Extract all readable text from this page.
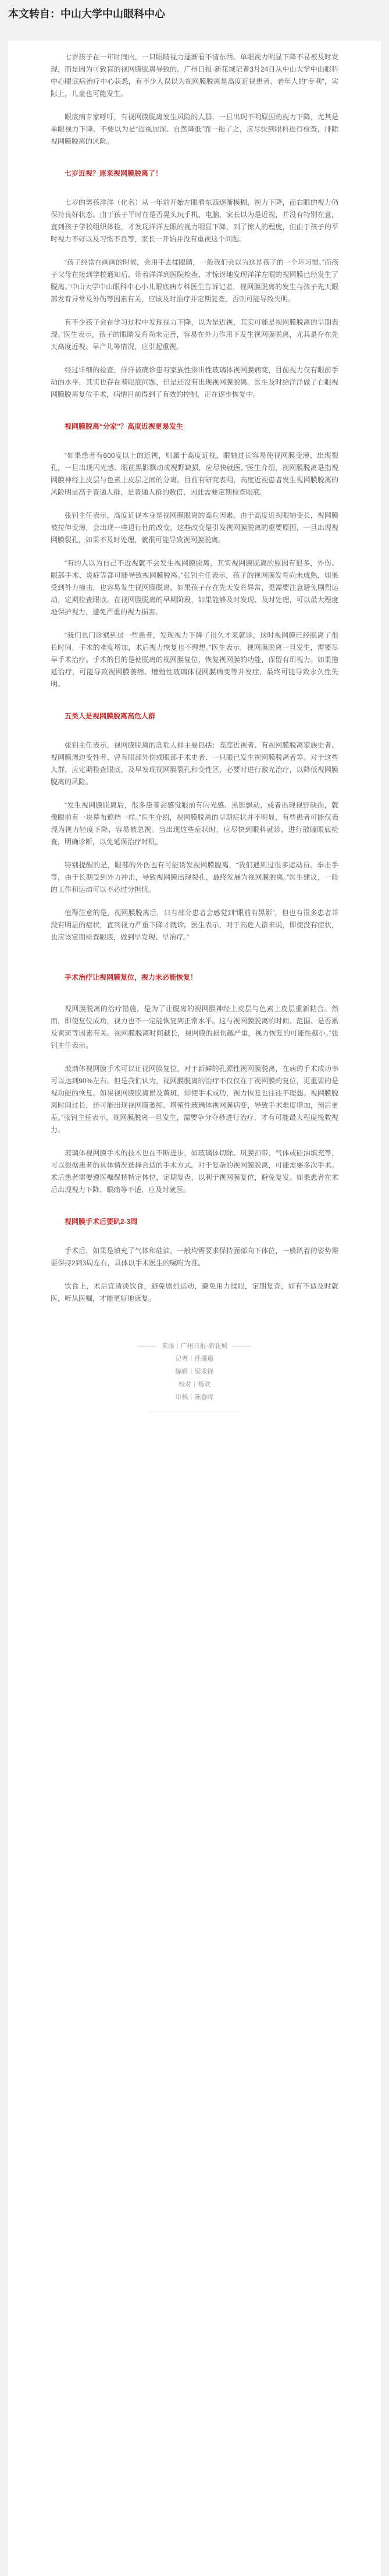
本文转自：中山大学中山眼科中心

七岁孩子在一年时间内，一只眼睛视力逐渐看不清东西。单眼视力明显下降不易被及时发现，而是因为可致盲的视网膜脱离导致的。广州日报·新花城记者3月24日从中山大学中山眼科中心眼底病治疗中心获悉，有不少人误以为视网膜脱离是高度近视患者、老年人的“专利”，实际上，儿童也可能发生。

眼底病专家呼吁，有视网膜脱离发生风险的人群，一旦出现不明原因的视力下降，尤其是单眼视力下降，不要以为是“近视加深、自然降低”而一拖了之，应尽快到眼科进行检查，排除视网膜脱离的风险。

七岁近视？原来视网膜脱离了！

七岁的男孩洋洋（化名）从一年前开始左眼看东西逐渐模糊，视力下降，而右眼的视力仍保持良好状态。由于孩子平时在是否晃头玩手机、电脑，家长以为是近视，并没有特别在意，直到孩子学校组织体检，才发现洋洋左眼的视力明显下降，到了惊人的程度，但由于孩子的平时视力不好以及习惯不良等，家长一开始并没有重视这个问题。

“孩子经常在画画的时候，会用手去揉眼睛，一般我们会以为这是孩子的一个坏习惯。”而孩子父母在接到学校通知后，带着洋洋到医院检查，才惊讶地发现洋洋左眼的视网膜已经发生了脱离。”中山大学中山眼科中心小儿眼底病专科医生告诉记者，视网膜脱离的发生与孩子先天眼部发育异常及外伤等因素有关，应该及时治疗并定期复查，否则可能导致失明。

有不少孩子会在学习过程中发现视力下降，以为是近视，其实可能是视网膜脱离的早期表现。”医生表示，孩子的眼睛发育尚未完善，容易在外力作用下发生视网膜脱离，尤其是存在先天高度近视、早产儿等情况，应引起重视。

经过详细的检查，洋洋被确诊患有家族性渗出性玻璃体视网膜病变，目前视力仅有眼前手动的水平，其实也存在着眼底问题，但是还没有出现视网膜脱离。医生及时给洋洋做了右眼视网膜脱离复位手术，病情目前得到了有效的控制，正在逐步恢复中。

视网膜脱离“分家”？高度近视更易发生

“如果患者有600度以上的近视，则属于高度近视，眼轴过长容易使视网膜变薄、出现裂孔，一旦出现闪光感、眼前黑影飘动或视野缺损，应尽快就医。”医生介绍，视网膜脱离是指视网膜神经上皮层与色素上皮层之间的分离。目前有研究表明，高度近视患者发生视网膜脱离的风险明显高于普通人群，是普通人群的数倍，因此需要定期检查眼底。

张钊主任表示，高度近视本身是视网膜脱离的高危因素。由于高度近视眼轴变长，视网膜被拉伸变薄，会出现一些退行性的改变，这些改变是引发视网膜脱离的重要原因，一旦出现视网膜裂孔，如果不及时处理，就很可能导致视网膜脱离。

“有的人以为自己不近视就不会发生视网膜脱离，其实视网膜脱离的原因有很多，外伤、眼部手术、炎症等都可能导致视网膜脱离。”张钊主任表示，孩子的视网膜发育尚未成熟，如果受到外力撞击，也容易发生视网膜脱离，如果孩子存在先天发育异常，更需要注意避免剧烈运动，定期检查眼底。在视网膜脱离的早期阶段，如果能够及时发现、及时处理，可以最大程度地保护视力，避免严重的视力损害。

“我们也门诊遇到过一些患者，发现视力下降了很久才来就诊，这时视网膜已经脱离了很长时间，手术的难度增加，术后视力恢复也不理想。”医生表示，视网膜脱离一旦发生，需要尽早手术治疗。手术的目的是使脱离的视网膜复位，恢复视网膜的功能，保留有用视力。如果拖延治疗，可能导致视网膜萎缩、增殖性玻璃体视网膜病变等并发症，最终可能导致永久性失明。

五类人是视网膜脱离高危人群

张钊主任表示，视网膜脱离的高危人群主要包括：高度近视者、有视网膜脱离家族史者、视网膜周边变性者、曾有眼部外伤或眼部手术史者、一只眼已发生视网膜脱离者等。对于这些人群，应定期检查眼底，及早发现视网膜裂孔和变性区，必要时进行激光治疗，以降低视网膜脱离的风险。

“发生视网膜脱离后，很多患者会感觉眼前有闪光感、黑影飘动，或者出现视野缺损，就像眼前有一块幕布遮挡一样。”医生介绍，视网膜脱离的早期症状并不明显，有些患者可能仅表现为视力轻度下降，容易被忽视。当出现这些症状时，应尽快到眼科就诊，进行散瞳眼底检查，明确诊断，以免延误治疗时机。

特别提醒的是，眼部的外伤也有可能诱发视网膜脱离，“我们遇到过很多运动员、拳击手等，由于长期受到外力冲击，导致视网膜出现裂孔，最终发展为视网膜脱离。”医生建议，一般的工作和运动可以不必过分担忧。

值得注意的是，视网膜脱离后，只有部分患者会感觉到“眼前有黑影”，但也有很多患者并没有明显的症状，直到视力严重下降才就诊。医生表示，对于高危人群来说，即使没有症状，也应该定期检查眼底，做到早发现、早治疗。”

手术治疗让视网膜复位，视力未必能恢复！

视网膜脱离的治疗措施，是为了让脱离的视网膜神经上皮层与色素上皮层重新粘合。然而，即便复位成功，视力也不一定能恢复到正常水平。这与视网膜脱离的时间、范围、是否累及黄斑等因素有关。视网膜脱离时间越长，视网膜的损伤越严重，视力恢复的可能性越小。”张钊主任表示。

玻璃体视网膜手术可以让视网膜复位，对于新鲜的孔源性视网膜脱离，在病的手术成功率可以达到90%左右。但是我们认为，视网膜脱离的治疗不仅仅在于视网膜的复位，更重要的是视功能的恢复。如果视网膜脱离累及黄斑，即使手术成功，视力恢复也往往不理想。视网膜脱离时间过长，还可能出现视网膜萎缩、增殖性玻璃体视网膜病变，导致手术难度增加，预后更差。”张钊主任表示，视网膜脱离一旦发生，需要争分夺秒进行治疗，才有可能最大程度挽救视力。

玻璃体视网膜手术的技术也在不断进步，如玻璃体切除、巩膜扣带、气体或硅油填充等，可以根据患者的具体情况选择合适的手术方式。对于复杂的视网膜脱离，可能需要多次手术。术后患者需要遵医嘱保持特定体位，定期复查，以利于视网膜复位，避免复发。如果患者在术后出现视力下降、眼痛等不适，应及时就医。

视网膜手术后要趴2-3周

手术后，如果是填充了气体和硅油，一般均需要求保持面部向下体位，一般趴着的姿势需要保持2到3周左右，具体以手术医生的嘱咐为准。

饮食上，术后宜清淡饮食，避免剧烈运动，避免用力揉眼，定期复查，如有不适及时就医，听从医嘱，才能更好地康复。

——— 来源｜广州日报·新花城 ———
记者｜任珊珊
编辑｜梁永锋
校对｜杨欢
审核｜陈春晖
